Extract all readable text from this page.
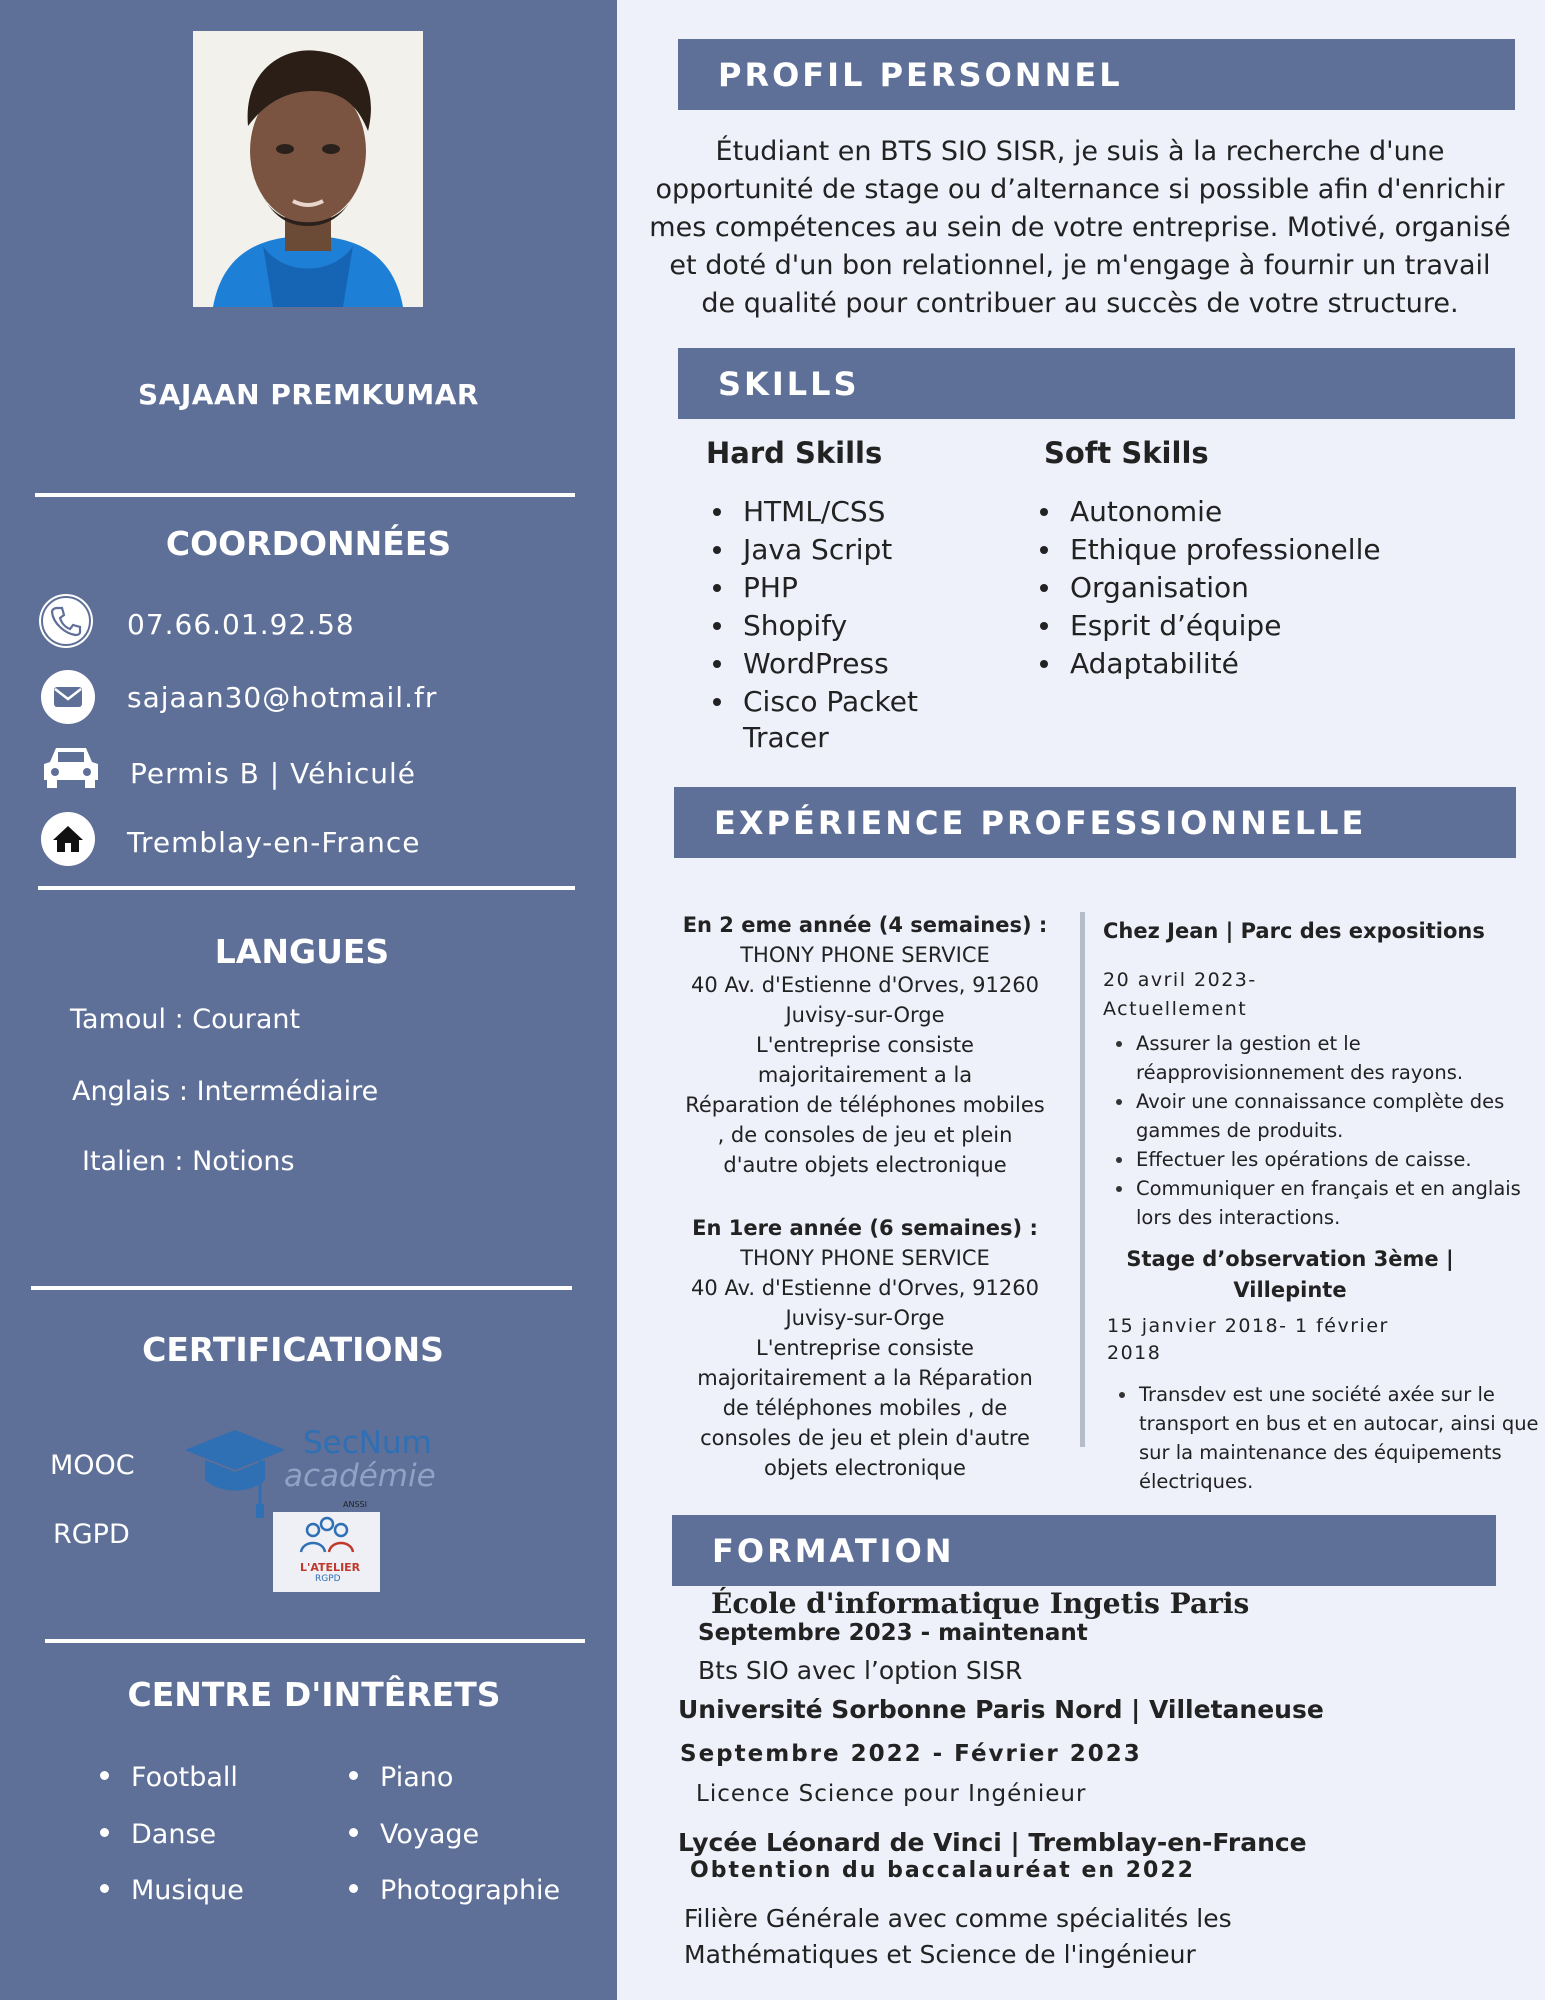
SAJAAN PREMKUMAR
COORDONNÉES
07.66.01.92.58
sajaan30@hotmail.fr
Permis B | Véhiculé
Tremblay-en-France
LANGUES
Tamoul : Courant
Anglais : Intermédiaire
Italien : Notions
CERTIFICATIONS
MOOC
RGPD
SecNum
académie
L'ATELIER
RGPD
ANSSI
CENTRE D'INTÊRETS
Football
Danse
Musique
Piano
Voyage
Photographie
PROFIL PERSONNEL
Étudiant en BTS SIO SISR, je suis à la recherche d'une
opportunité de stage ou d’alternance si possible afin d'enrichir
mes compétences au sein de votre entreprise. Motivé, organisé
et doté d'un bon relationnel, je m'engage à fournir un travail
de qualité pour contribuer au succès de votre structure.
SKILLS
Hard Skills	Soft Skills
HTML/CSS
Java Script
PHP
Shopify
WordPress
Cisco Packet
Tracer
Autonomie
Ethique professionelle
Organisation
Esprit d’équipe
Adaptabilité
EXPÉRIENCE PROFESSIONNELLE
En 2 eme année (4 semaines) :
THONY PHONE SERVICE
40 Av. d'Estienne d'Orves, 91260
Juvisy-sur-Orge
L'entreprise consiste
majoritairement a la
Réparation de téléphones mobiles
, de consoles de jeu et plein
d'autre objets electronique
En 1ere année (6 semaines) :
THONY PHONE SERVICE
40 Av. d'Estienne d'Orves, 91260
Juvisy-sur-Orge
L'entreprise consiste
majoritairement a la Réparation
de téléphones mobiles , de
consoles de jeu et plein d'autre
objets electronique
Chez Jean | Parc des expositions
20 avril 2023-
Actuellement
Assurer la gestion et le réapprovisionnement des rayons.
Avoir une connaissance complète des gammes de produits.
Effectuer les opérations de caisse.
Communiquer en français et en anglais lors des interactions.
Stage d’observation 3ème |
Villepinte
15 janvier 2018- 1 février
2018
Transdev est une société axée sur le transport en bus et en autocar, ainsi que sur la maintenance des équipements électriques.
FORMATION
École d'informatique Ingetis Paris
Septembre 2023 - maintenant
Bts SIO avec l’option SISR
Université Sorbonne Paris Nord | Villetaneuse
Septembre 2022 - Février 2023
Licence Science pour Ingénieur
Lycée Léonard de Vinci | Tremblay-en-France
Obtention du baccalauréat en 2022
Filière Générale avec comme spécialités les
Mathématiques et Science de l'ingénieur
